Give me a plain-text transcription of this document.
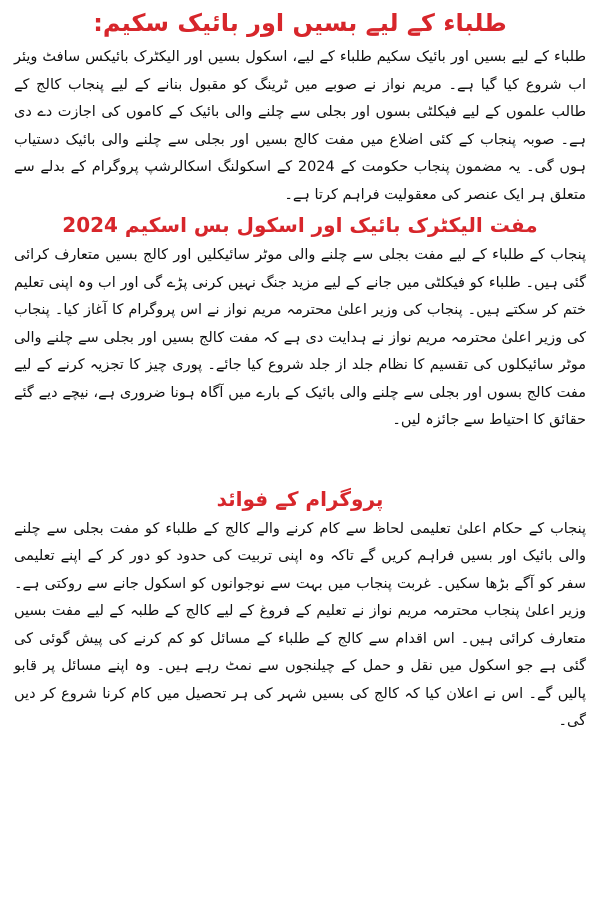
طلباء کے لیے بسیں اور بائیک سکیم:

طلباء کے لیے بسیں اور بائیک سکیم طلباء کے لیے، اسکول بسیں اور الیکٹرک بائیکس سافٹ ویئر اب شروع کیا گیا ہے۔ مریم نواز نے صوبے میں ٹرینگ کو مقبول بنانے کے لیے پنجاب کالج کے طالب علموں کے لیے فیکلٹی بسوں اور بجلی سے چلنے والی بائیک کے کاموں کی اجازت دے دی ہے۔ صوبہ پنجاب کے کئی اضلاع میں مفت کالج بسیں اور بجلی سے چلنے والی بائیک دستیاب ہوں گی۔ یہ مضمون پنجاب حکومت کے 2024 کے اسکولنگ اسکالرشپ پروگرام کے بدلے سے متعلق ہر ایک عنصر کی معقولیت فراہم کرتا ہے۔

مفت الیکٹرک بائیک اور اسکول بس اسکیم 2024

پنجاب کے طلباء کے لیے مفت بجلی سے چلنے والی موٹر سائیکلیں اور کالج بسیں متعارف کرائی گئی ہیں۔ طلباء کو فیکلٹی میں جانے کے لیے مزید جنگ نہیں کرنی پڑے گی اور اب وہ اپنی تعلیم ختم کر سکتے ہیں۔ پنجاب کی وزیر اعلیٰ محترمہ مریم نواز نے اس پروگرام کا آغاز کیا۔ پنجاب کی وزیر اعلیٰ محترمہ مریم نواز نے ہدایت دی ہے کہ مفت کالج بسیں اور بجلی سے چلنے والی موٹر سائیکلوں کی تقسیم کا نظام جلد از جلد شروع کیا جائے۔ پوری چیز کا تجزیہ کرنے کے لیے مفت کالج بسوں اور بجلی سے چلنے والی بائیک کے بارے میں آگاہ ہونا ضروری ہے، نیچے دیے گئے حقائق کا احتیاط سے جائزہ لیں۔

پروگرام کے فوائد

پنجاب کے حکام اعلیٰ تعلیمی لحاظ سے کام کرنے والے کالج کے طلباء کو مفت بجلی سے چلنے والی بائیک اور بسیں فراہم کریں گے تاکہ وہ اپنی تربیت کی حدود کو دور کر کے اپنے تعلیمی سفر کو آگے بڑھا سکیں۔ غربت پنجاب میں بہت سے نوجوانوں کو اسکول جانے سے روکتی ہے۔ وزیر اعلیٰ پنجاب محترمہ مریم نواز نے تعلیم کے فروغ کے لیے کالج کے طلبہ کے لیے مفت بسیں متعارف کرائی ہیں۔ اس اقدام سے کالج کے طلباء کے مسائل کو کم کرنے کی پیش گوئی کی گئی ہے جو اسکول میں نقل و حمل کے چیلنجوں سے نمٹ رہے ہیں۔ وہ اپنے مسائل پر قابو پالیں گے۔ اس نے اعلان کیا کہ کالج کی بسیں شہر کی ہر تحصیل میں کام کرنا شروع کر دیں گی۔
